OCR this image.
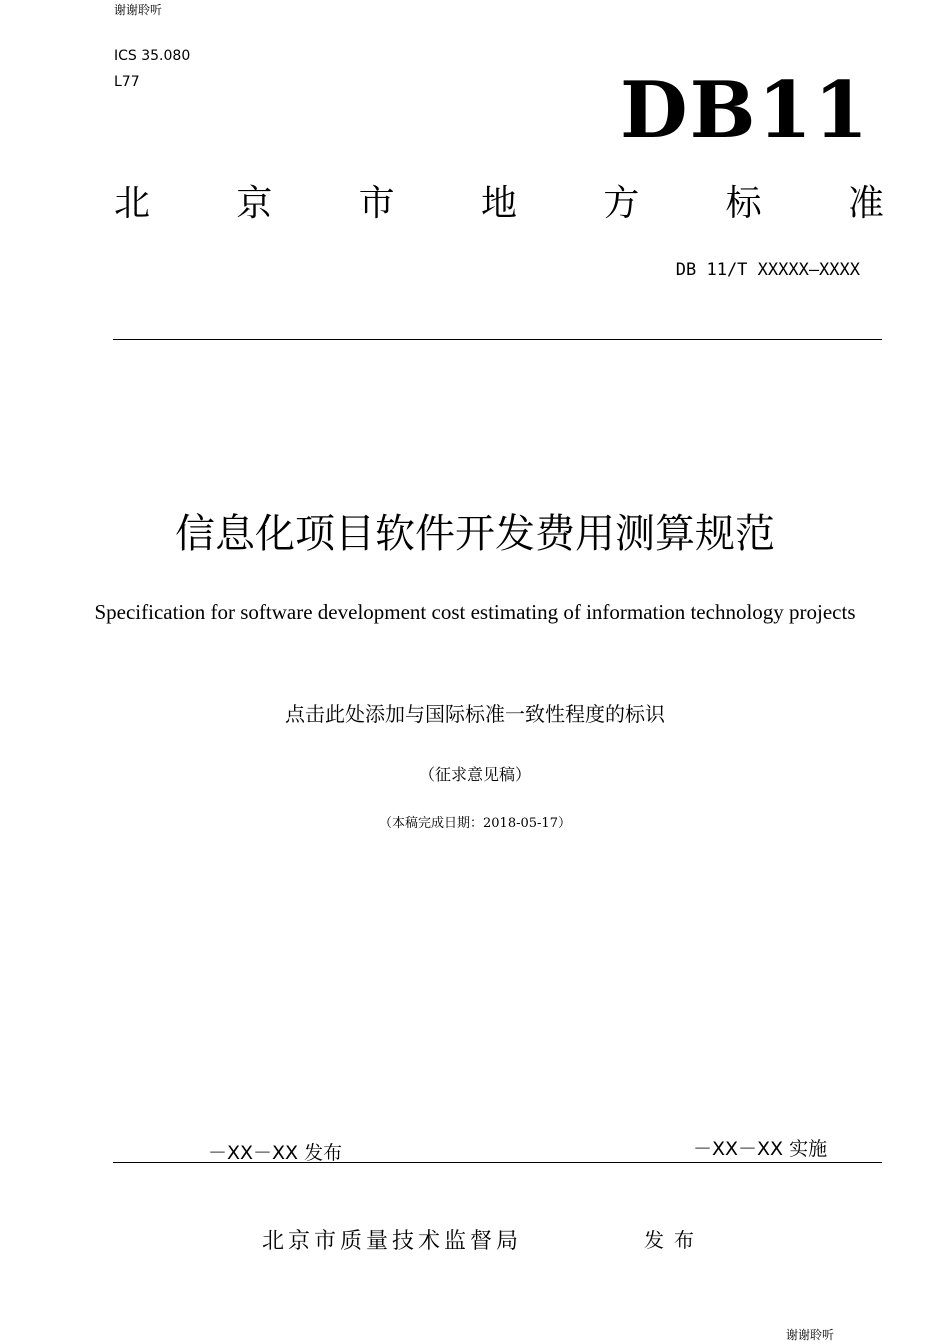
谢谢聆听
ICS 35.080
L77	DB11
北 京 市 地 方 标 准
DB 11/T XXXXX—XXXX
信息化项目软件开发费用测算规范
Specification for software development cost estimating of information technology projects
点击此处添加与国际标准一致性程度的标识
（征求意见稿）
（本稿完成日期：2018-05-17）
－XX－XX 发布	－XX－XX 实施
北京市质量技术监督局	发布
谢谢聆听
